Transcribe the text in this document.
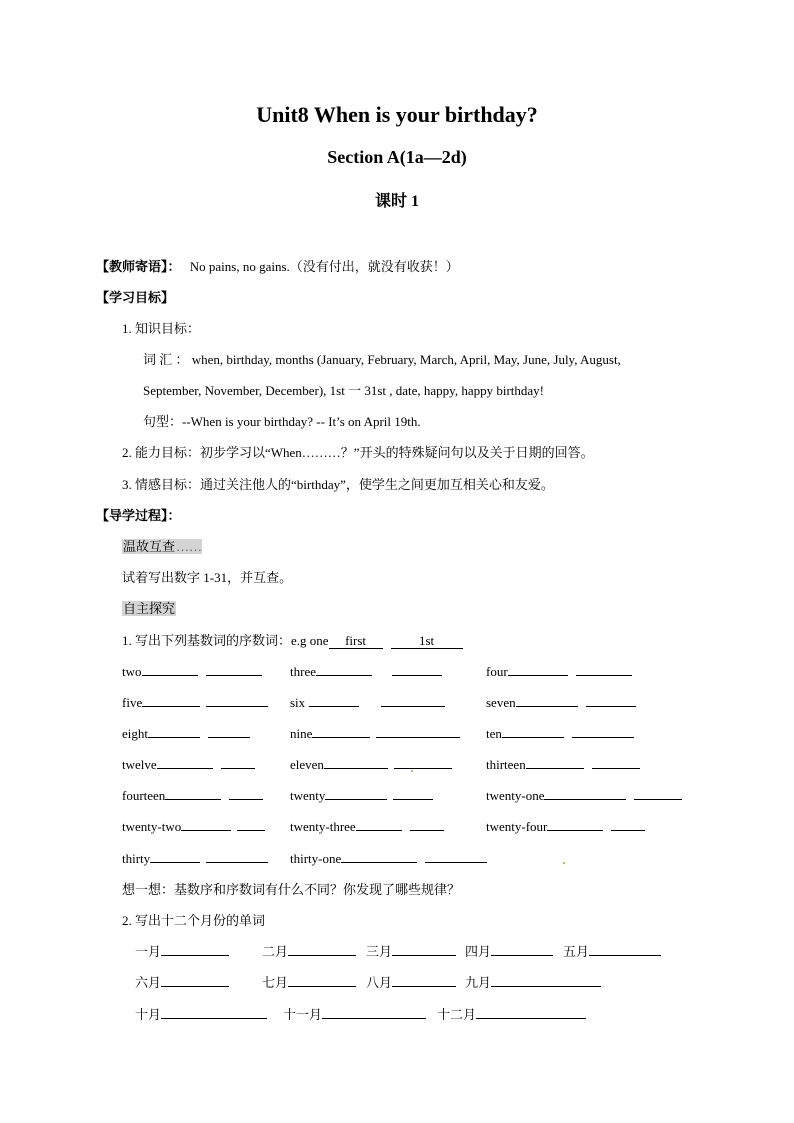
Unit8 When is your birthday?
Section A(1a—2d)
课时 1
【教师寄语】： No pains, no gains.（没有付出，就没有收获！）
【学习目标】
1. 知识目标：
词 汇 ： when, birthday, months (January, February, March, April, May, June, July, August,
September, November, December), 1st 一 31st , date, happy, happy birthday!
句型：--When is your birthday? -- It’s on April 19th.
2. 能力目标：初步学习以“When………？”开头的特殊疑问句以及关于日期的回答。
3. 情感目标：通过关注他人的“birthday”，使学生之间更加互相关心和友爱。
【导学过程】：
温故互查……
试着写出数字 1-31，并互查。
自主探究
1. 写出下列基数词的序数词：e.g one first	1st
two	three	four
five	six	seven
eight	nine	ten
twelve	eleven	thirteen
fourteen	twenty	twenty-one
twenty-two	twenty-three	twenty-four
thirty	thirty-one
想一想：基数序和序数词有什么不同？你发现了哪些规律？
2. 写出十二个月份的单词
一月	二月	三月	四月	五月
六月	七月	八月	九月
十月	十一月	十二月
